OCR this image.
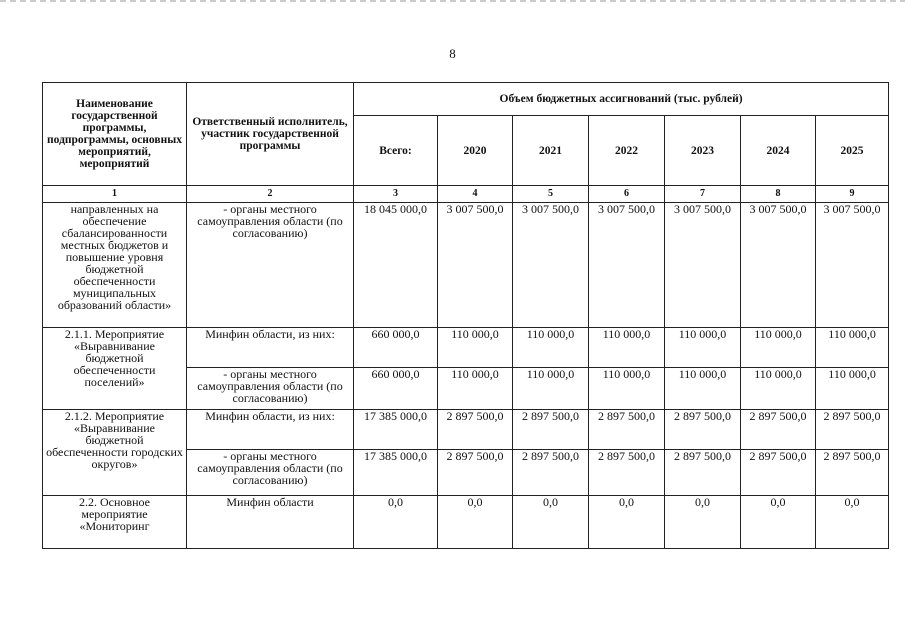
8
Наименование государственной программы, подпрограммы, основных мероприятий, мероприятий	Ответственный исполнитель, участник государственной программы	Объем бюджетных ассигнований (тыс. рублей)						
		Всего:	2020	2021	2022	2023	2024	2025
1	2	3	4	5	6	7	8	9
направленных на обеспечение сбалансированности местных бюджетов и повышение уровня бюджетной обеспеченности муниципальных образований области»	- органы местного самоуправления области (по согласованию)	18 045 000,0	3 007 500,0	3 007 500,0	3 007 500,0	3 007 500,0	3 007 500,0	3 007 500,0
2.1.1. Мероприятие «Выравнивание бюджетной обеспеченности поселений»	Минфин области, из них:	660 000,0	110 000,0	110 000,0	110 000,0	110 000,0	110 000,0	110 000,0
	- органы местного самоуправления области (по согласованию)	660 000,0	110 000,0	110 000,0	110 000,0	110 000,0	110 000,0	110 000,0
2.1.2. Мероприятие «Выравнивание бюджетной обеспеченности городских округов»	Минфин области, из них:	17 385 000,0	2 897 500,0	2 897 500,0	2 897 500,0	2 897 500,0	2 897 500,0	2 897 500,0
	- органы местного самоуправления области (по согласованию)	17 385 000,0	2 897 500,0	2 897 500,0	2 897 500,0	2 897 500,0	2 897 500,0	2 897 500,0
2.2. Основное мероприятие «Мониторинг	Минфин области	0,0	0,0	0,0	0,0	0,0	0,0	0,0
